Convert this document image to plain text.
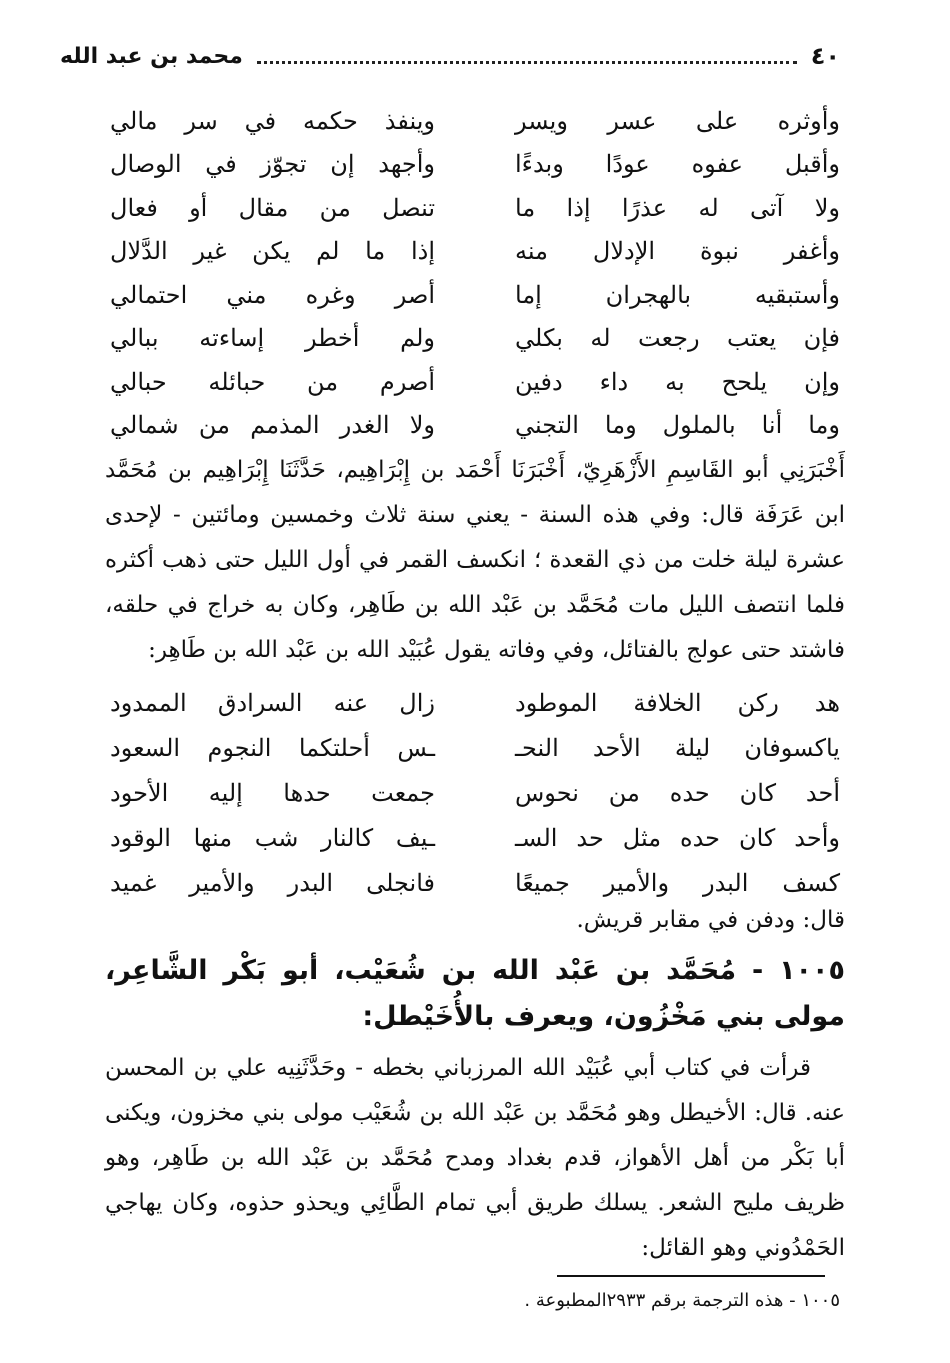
٤٠
محمد بن عبد الله
وأوثره على عسر ويسر
وينفذ حكمه في سر مالي
وأقبل عفوه عودًا وبدءًا
وأجهد إن تجوّز في الوصال
ولا آتى له عذرًا إذا ما
تنصل من مقال أو فعال
وأغفر نبوة الإدلال منه
إذا ما لم يكن غير الدَّلال
وأستبقيه بالهجران إما
أصر وغره مني احتمالي
فإن يعتب رجعت له بكلي
ولم أخطر إساءته ببالي
وإن يلحح به داء دفين
أصرم من حبائله حبالي
وما أنا بالملول وما التجني
ولا الغدر المذمم من شمالي
أَخْبَرَنِي أبو القَاسِمِ الأَزْهَرِيّ، أَخْبَرَنَا أَحْمَد بن إِبْرَاهِيم، حَدَّثَنَا إِبْرَاهِيم بن مُحَمَّد ابن عَرَفَة قال: وفي هذه السنة - يعني سنة ثلاث وخمسين ومائتين - لإحدى عشرة ليلة خلت من ذي القعدة ؛ انكسف القمر في أول الليل حتى ذهب أكثره فلما انتصف الليل مات مُحَمَّد بن عَبْد الله بن طَاهِر، وكان به خراج في حلقه، فاشتد حتى عولج بالفتائل، وفي وفاته يقول عُبَيْد الله بن عَبْد الله بن طَاهِر:
هد ركن الخلافة الموطود
زال عنه السرادق الممدود
ياكسوفان ليلة الأحد النحـ
ـس أحلتكما النجوم السعود
أحد كان حده من نحوس
جمعت حدها إليه الأحود
وأحد كان حده مثل حد السـ
ـيف كالنار شب منها الوقود
كسف البدر والأمير جميعًا
فانجلى البدر والأمير غميد
قال: ودفن في مقابر قريش.
١٠٠٥ - مُحَمَّد بن عَبْد الله بن شُعَيْب، أبو بَكْر الشَّاعِر، مولى بني مَخْزُون، ويعرف بالأُخَيْطل:
قرأت في كتاب أبي عُبَيْد الله المرزباني بخطه - وحَدَّثَنِيه علي بن المحسن عنه. قال: الأخيطل وهو مُحَمَّد بن عَبْد الله بن شُعَيْب مولى بني مخزون، ويكنى أبا بَكْر من أهل الأهواز، قدم بغداد ومدح مُحَمَّد بن عَبْد الله بن طَاهِر، وهو ظريف مليح الشعر. يسلك طريق أبي تمام الطَّائِي ويحذو حذوه، وكان يهاجي الحَمْدُوني وهو القائل:
١٠٠٥ - هذه الترجمة برقم ٢٩٣٣المطبوعة .
